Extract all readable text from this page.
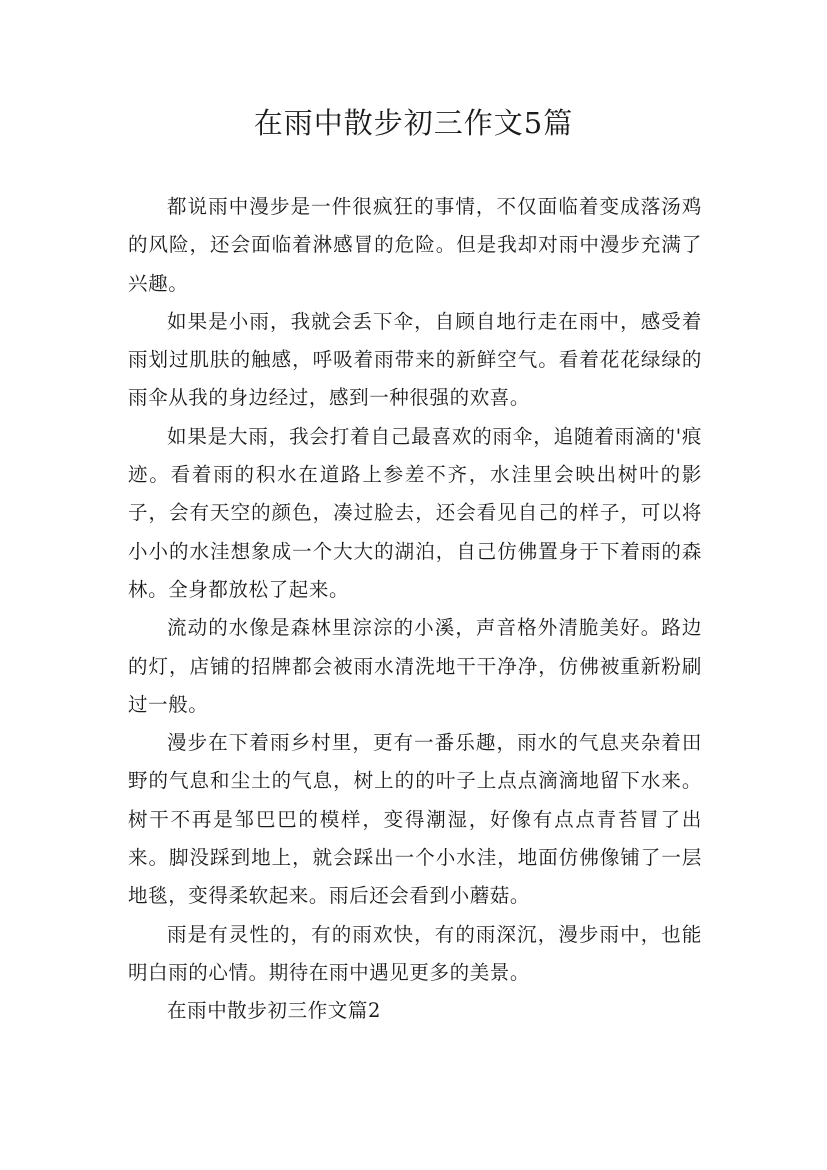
在雨中散步初三作文5篇

都说雨中漫步是一件很疯狂的事情，不仅面临着变成落汤鸡的风险，还会面临着淋感冒的危险。但是我却对雨中漫步充满了兴趣。

如果是小雨，我就会丢下伞，自顾自地行走在雨中，感受着雨划过肌肤的触感，呼吸着雨带来的新鲜空气。看着花花绿绿的雨伞从我的身边经过，感到一种很强的欢喜。

如果是大雨，我会打着自己最喜欢的雨伞，追随着雨滴的'痕迹。看着雨的积水在道路上参差不齐，水洼里会映出树叶的影子，会有天空的颜色，凑过脸去，还会看见自己的样子，可以将小小的水洼想象成一个大大的湖泊，自己仿佛置身于下着雨的森林。全身都放松了起来。

流动的水像是森林里淙淙的小溪，声音格外清脆美好。路边的灯，店铺的招牌都会被雨水清洗地干干净净，仿佛被重新粉刷过一般。

漫步在下着雨乡村里，更有一番乐趣，雨水的气息夹杂着田野的气息和尘土的气息，树上的的叶子上点点滴滴地留下水来。树干不再是邹巴巴的模样，变得潮湿，好像有点点青苔冒了出来。脚没踩到地上，就会踩出一个小水洼，地面仿佛像铺了一层地毯，变得柔软起来。雨后还会看到小蘑菇。

雨是有灵性的，有的雨欢快，有的雨深沉，漫步雨中，也能明白雨的心情。期待在雨中遇见更多的美景。

在雨中散步初三作文篇2
